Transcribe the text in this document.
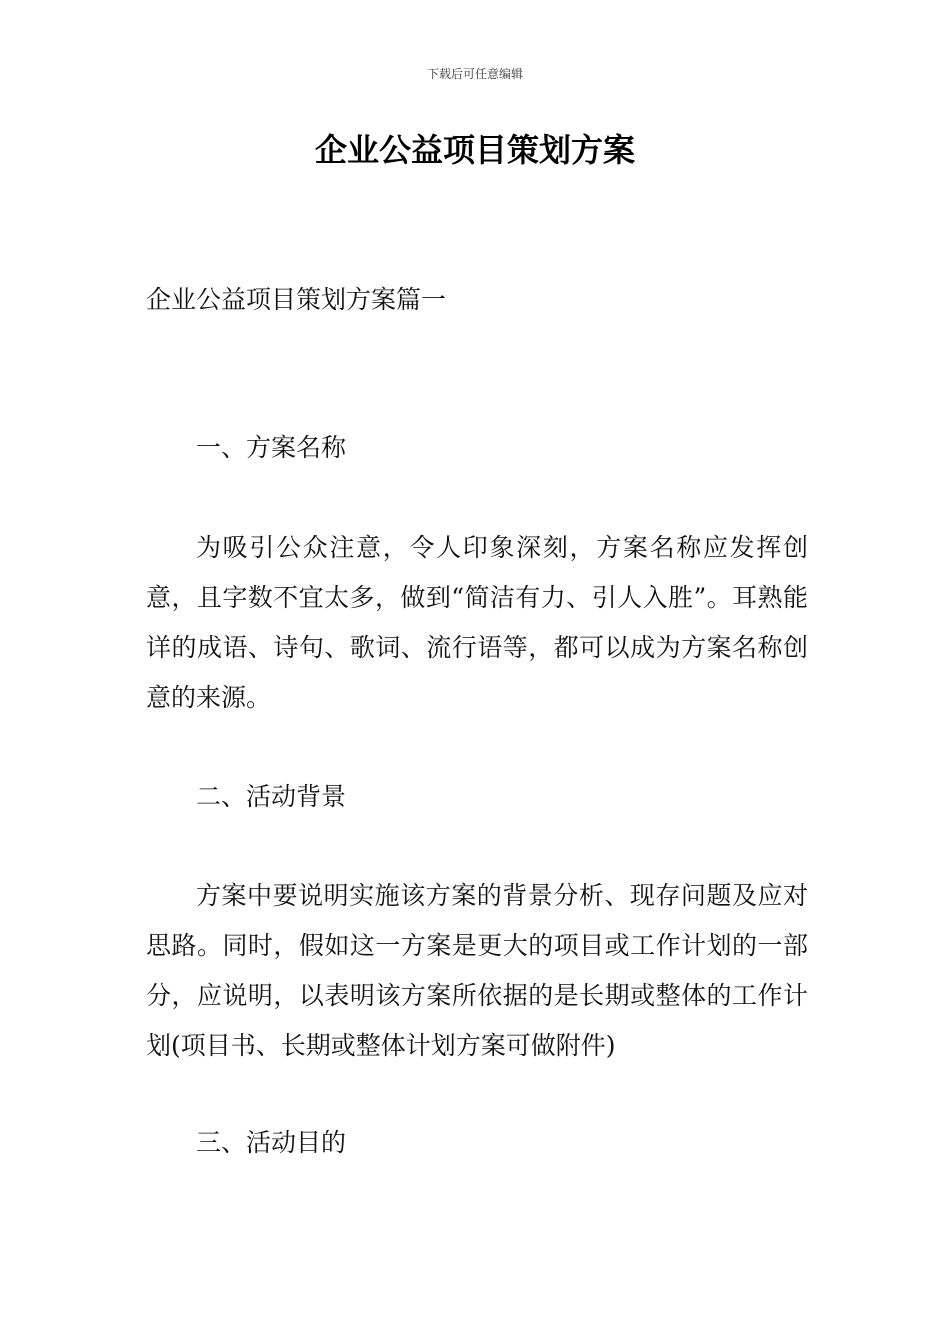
下载后可任意编辑
企业公益项目策划方案

企业公益项目策划方案篇一

一、方案名称

为吸引公众注意，令人印象深刻，方案名称应发挥创意，且字数不宜太多，做到“简洁有力、引人入胜”。耳熟能详的成语、诗句、歌词、流行语等，都可以成为方案名称创意的来源。

二、活动背景

方案中要说明实施该方案的背景分析、现存问题及应对思路。同时，假如这一方案是更大的项目或工作计划的一部分，应说明，以表明该方案所依据的是长期或整体的工作计划(项目书、长期或整体计划方案可做附件)

三、活动目的
